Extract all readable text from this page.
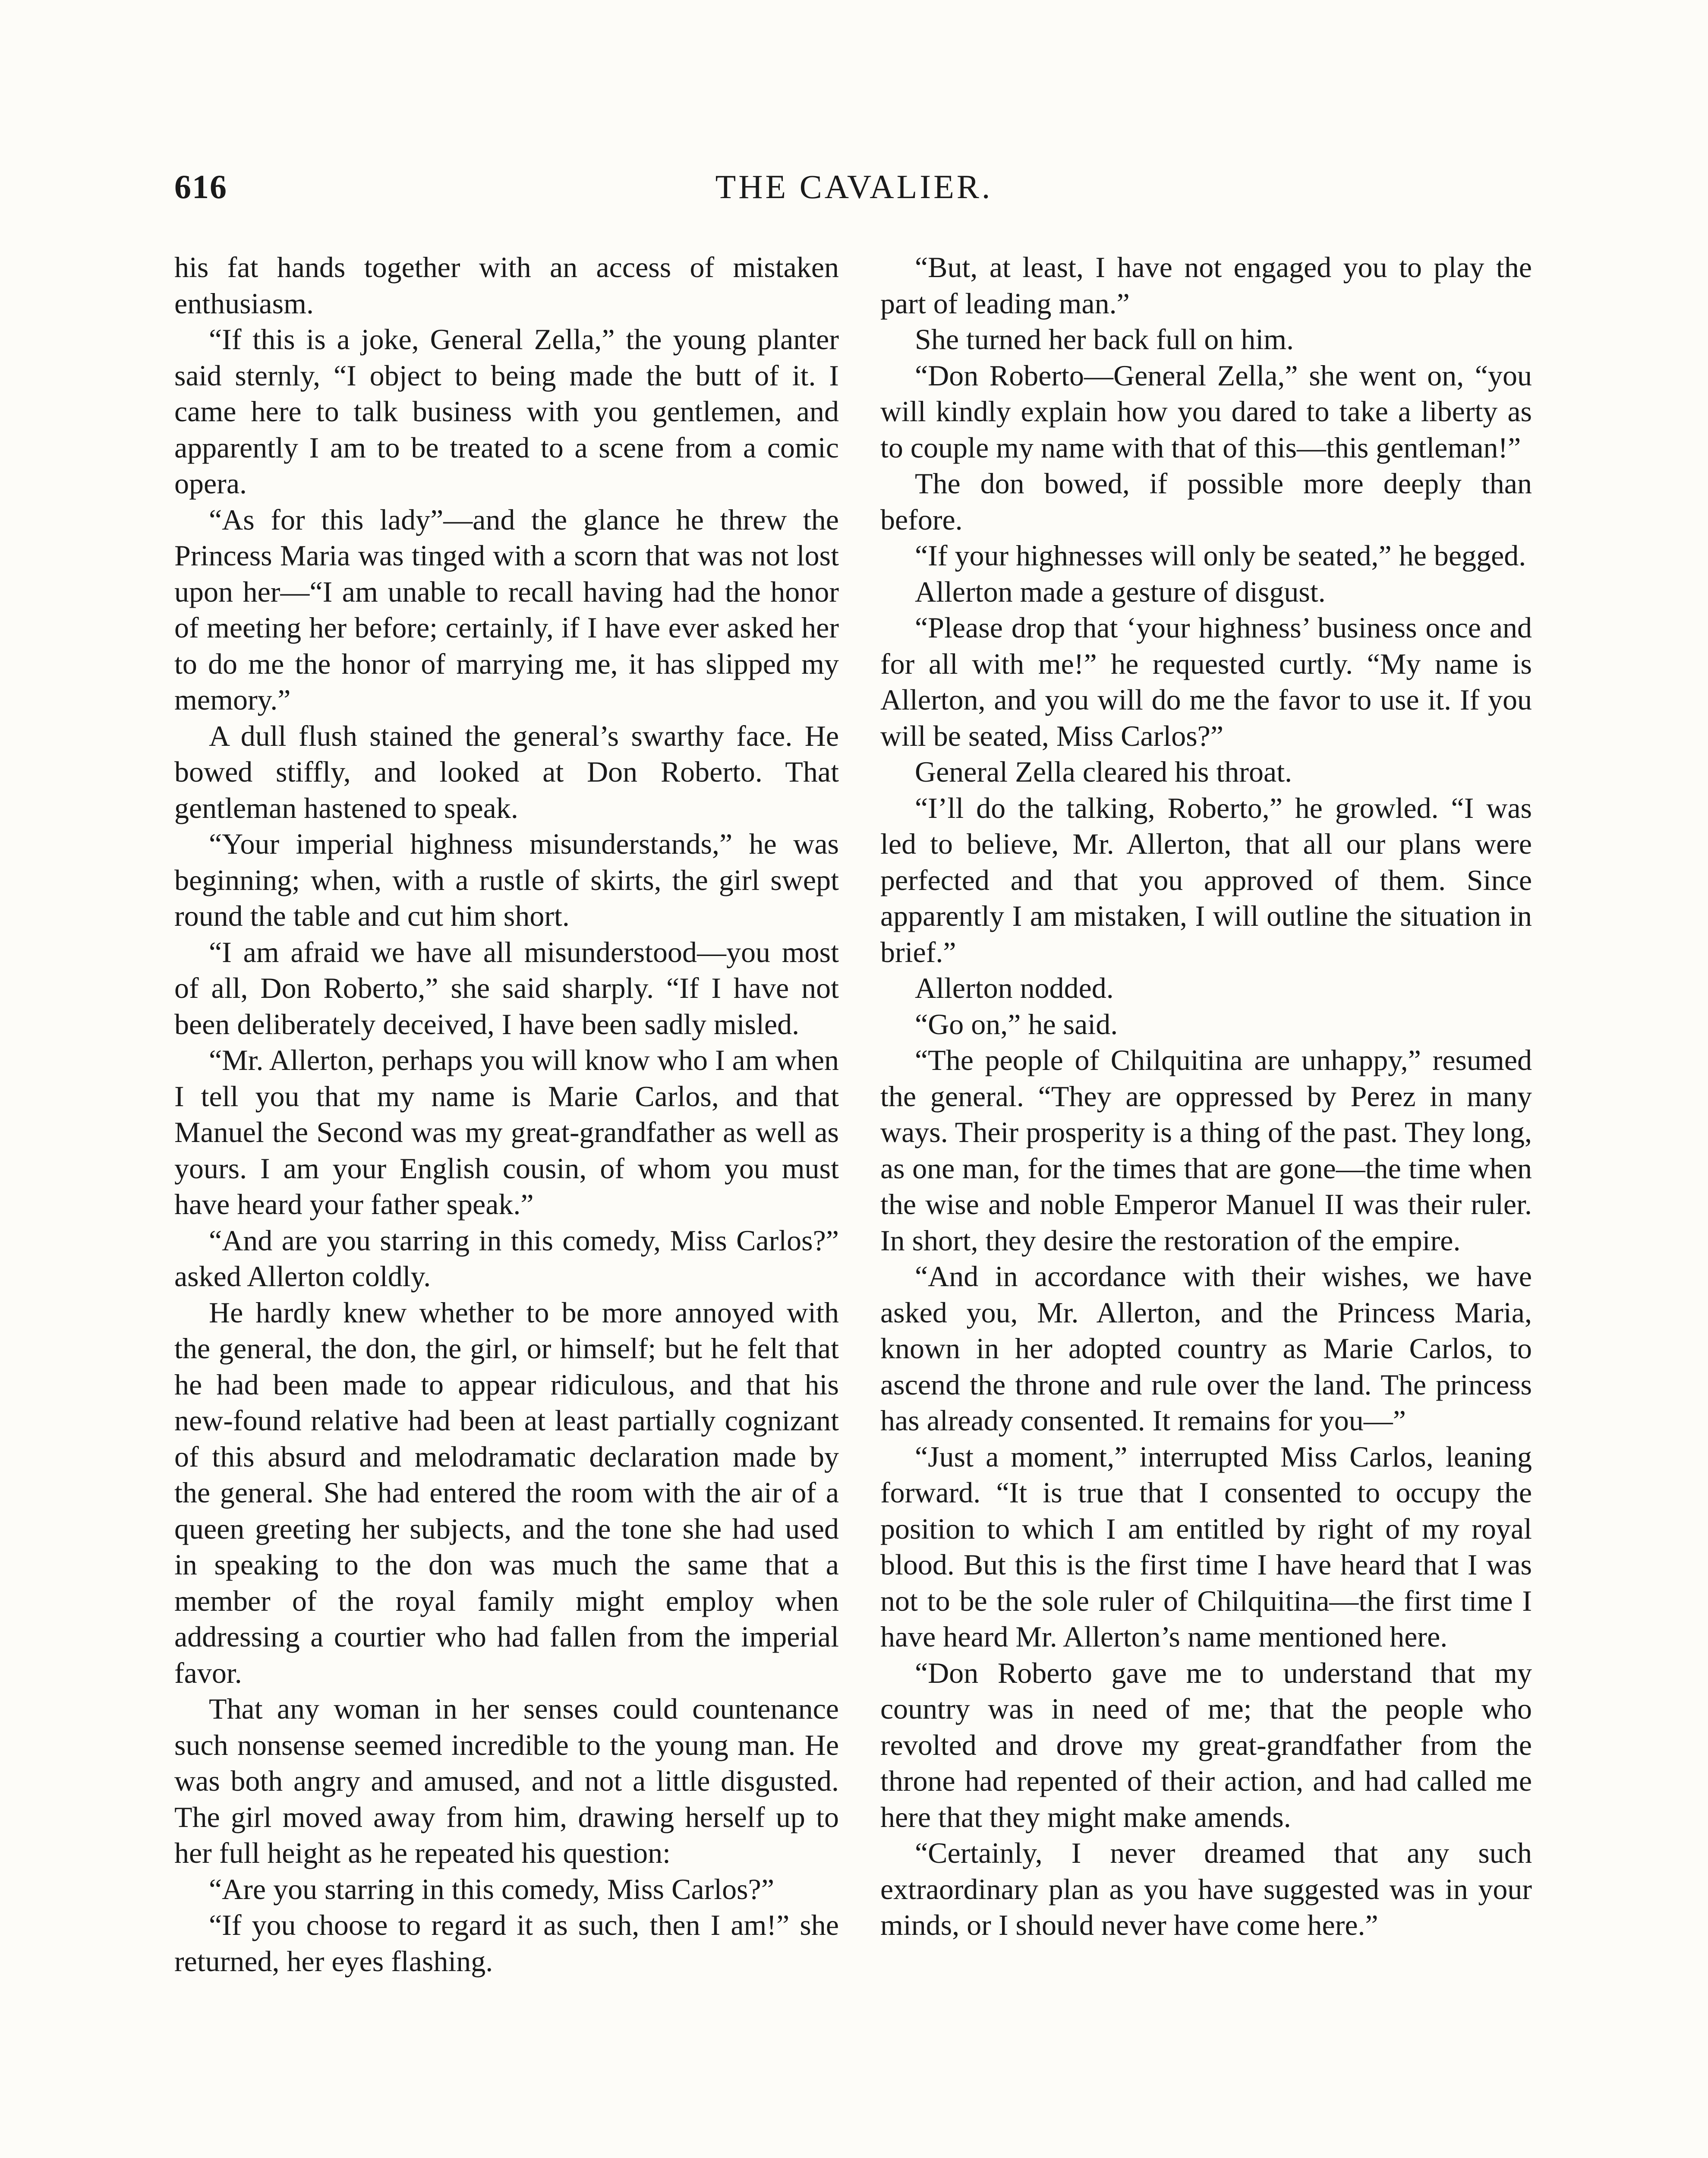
616	THE CAVALIER.

his fat hands together with an access of mistaken enthusiasm.

“If this is a joke, General Zella,” the young planter said sternly, “I object to being made the butt of it. I came here to talk business with you gentlemen, and apparently I am to be treated to a scene from a comic opera.

“As for this lady”—and the glance he threw the Princess Maria was tinged with a scorn that was not lost upon her—“I am unable to recall having had the honor of meeting her before; certainly, if I have ever asked her to do me the honor of marrying me, it has slipped my memory.”

A dull flush stained the general’s swarthy face. He bowed stiffly, and looked at Don Roberto. That gentleman hastened to speak.

“Your imperial highness misunderstands,” he was beginning; when, with a rustle of skirts, the girl swept round the table and cut him short.

“I am afraid we have all misunderstood—you most of all, Don Roberto,” she said sharply. “If I have not been deliberately deceived, I have been sadly misled.

“Mr. Allerton, perhaps you will know who I am when I tell you that my name is Marie Carlos, and that Manuel the Second was my great-grandfather as well as yours. I am your English cousin, of whom you must have heard your father speak.”

“And are you starring in this comedy, Miss Carlos?” asked Allerton coldly.

He hardly knew whether to be more annoyed with the general, the don, the girl, or himself; but he felt that he had been made to appear ridiculous, and that his new-found relative had been at least partially cognizant of this absurd and melodramatic declaration made by the general. She had entered the room with the air of a queen greeting her subjects, and the tone she had used in speaking to the don was much the same that a member of the royal family might employ when addressing a courtier who had fallen from the imperial favor.

That any woman in her senses could countenance such nonsense seemed incredible to the young man. He was both angry and amused, and not a little disgusted. The girl moved away from him, drawing herself up to her full height as he repeated his question:

“Are you starring in this comedy, Miss Carlos?”

“If you choose to regard it as such, then I am!” she returned, her eyes flashing.

“But, at least, I have not engaged you to play the part of leading man.”

She turned her back full on him.

“Don Roberto—General Zella,” she went on, “you will kindly explain how you dared to take a liberty as to couple my name with that of this—this gentleman!”

The don bowed, if possible more deeply than before.

“If your highnesses will only be seated,” he begged.

Allerton made a gesture of disgust.

“Please drop that ‘your highness’ business once and for all with me!” he requested curtly. “My name is Allerton, and you will do me the favor to use it. If you will be seated, Miss Carlos?”

General Zella cleared his throat.

“I’ll do the talking, Roberto,” he growled. “I was led to believe, Mr. Allerton, that all our plans were perfected and that you approved of them. Since apparently I am mistaken, I will outline the situation in brief.”

Allerton nodded.

“Go on,” he said.

“The people of Chilquitina are unhappy,” resumed the general. “They are oppressed by Perez in many ways. Their prosperity is a thing of the past. They long, as one man, for the times that are gone—the time when the wise and noble Emperor Manuel II was their ruler. In short, they desire the restoration of the empire.

“And in accordance with their wishes, we have asked you, Mr. Allerton, and the Princess Maria, known in her adopted country as Marie Carlos, to ascend the throne and rule over the land. The princess has already consented. It remains for you—”

“Just a moment,” interrupted Miss Carlos, leaning forward. “It is true that I consented to occupy the position to which I am entitled by right of my royal blood. But this is the first time I have heard that I was not to be the sole ruler of Chilquitina—the first time I have heard Mr. Allerton’s name mentioned here.

“Don Roberto gave me to understand that my country was in need of me; that the people who revolted and drove my great-grandfather from the throne had repented of their action, and had called me here that they might make amends.

“Certainly, I never dreamed that any such extraordinary plan as you have suggested was in your minds, or I should never have come here.”
